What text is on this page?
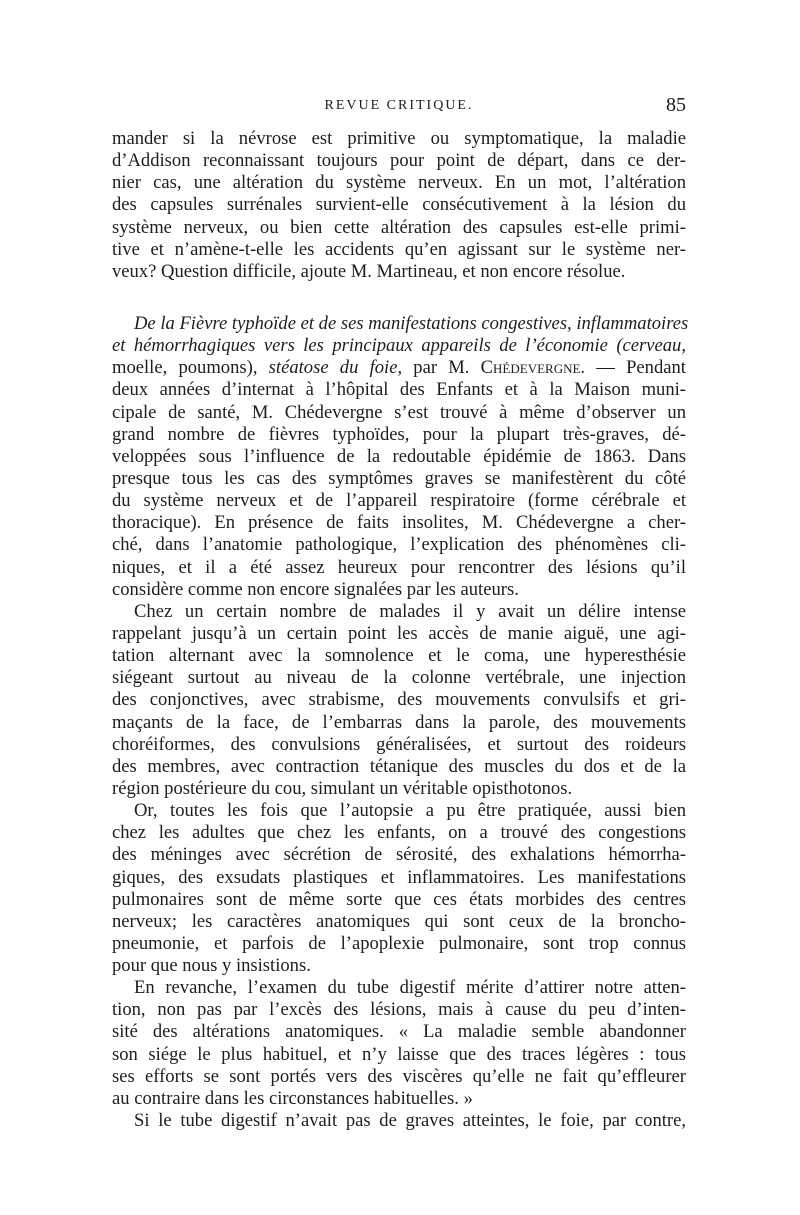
REVUE CRITIQUE.	85
mander si la névrose est primitive ou symptomatique, la maladie
d’Addison reconnaissant toujours pour point de départ, dans ce der-
nier cas, une altération du système nerveux. En un mot, l’altération
des capsules surrénales survient-elle consécutivement à la lésion du
système nerveux, ou bien cette altération des capsules est-elle primi-
tive et n’amène-t-elle les accidents qu’en agissant sur le système ner-
veux? Question difficile, ajoute M. Martineau, et non encore résolue.
De la Fièvre typhoïde et de ses manifestations congestives, inflammatoires
et hémorrhagiques vers les principaux appareils de l’économie (cerveau,
moelle, poumons), stéatose du foie, par M. Chédevergne. — Pendant
deux années d’internat à l’hôpital des Enfants et à la Maison muni-
cipale de santé, M. Chédevergne s’est trouvé à même d’observer un
grand nombre de fièvres typhoïdes, pour la plupart très-graves, dé-
veloppées sous l’influence de la redoutable épidémie de 1863. Dans
presque tous les cas des symptômes graves se manifestèrent du côté
du système nerveux et de l’appareil respiratoire (forme cérébrale et
thoracique). En présence de faits insolites, M. Chédevergne a cher-
ché, dans l’anatomie pathologique, l’explication des phénomènes cli-
niques, et il a été assez heureux pour rencontrer des lésions qu’il
considère comme non encore signalées par les auteurs.
Chez un certain nombre de malades il y avait un délire intense
rappelant jusqu’à un certain point les accès de manie aiguë, une agi-
tation alternant avec la somnolence et le coma, une hyperesthésie
siégeant surtout au niveau de la colonne vertébrale, une injection
des conjonctives, avec strabisme, des mouvements convulsifs et gri-
maçants de la face, de l’embarras dans la parole, des mouvements
choréiformes, des convulsions généralisées, et surtout des roideurs
des membres, avec contraction tétanique des muscles du dos et de la
région postérieure du cou, simulant un véritable opisthotonos.
Or, toutes les fois que l’autopsie a pu être pratiquée, aussi bien
chez les adultes que chez les enfants, on a trouvé des congestions
des méninges avec sécrétion de sérosité, des exhalations hémorrha-
giques, des exsudats plastiques et inflammatoires. Les manifestations
pulmonaires sont de même sorte que ces états morbides des centres
nerveux; les caractères anatomiques qui sont ceux de la broncho-
pneumonie, et parfois de l’apoplexie pulmonaire, sont trop connus
pour que nous y insistions.
En revanche, l’examen du tube digestif mérite d’attirer notre atten-
tion, non pas par l’excès des lésions, mais à cause du peu d’inten-
sité des altérations anatomiques. « La maladie semble abandonner
son siége le plus habituel, et n’y laisse que des traces légères : tous
ses efforts se sont portés vers des viscères qu’elle ne fait qu’effleurer
au contraire dans les circonstances habituelles. »
Si le tube digestif n’avait pas de graves atteintes, le foie, par contre,
